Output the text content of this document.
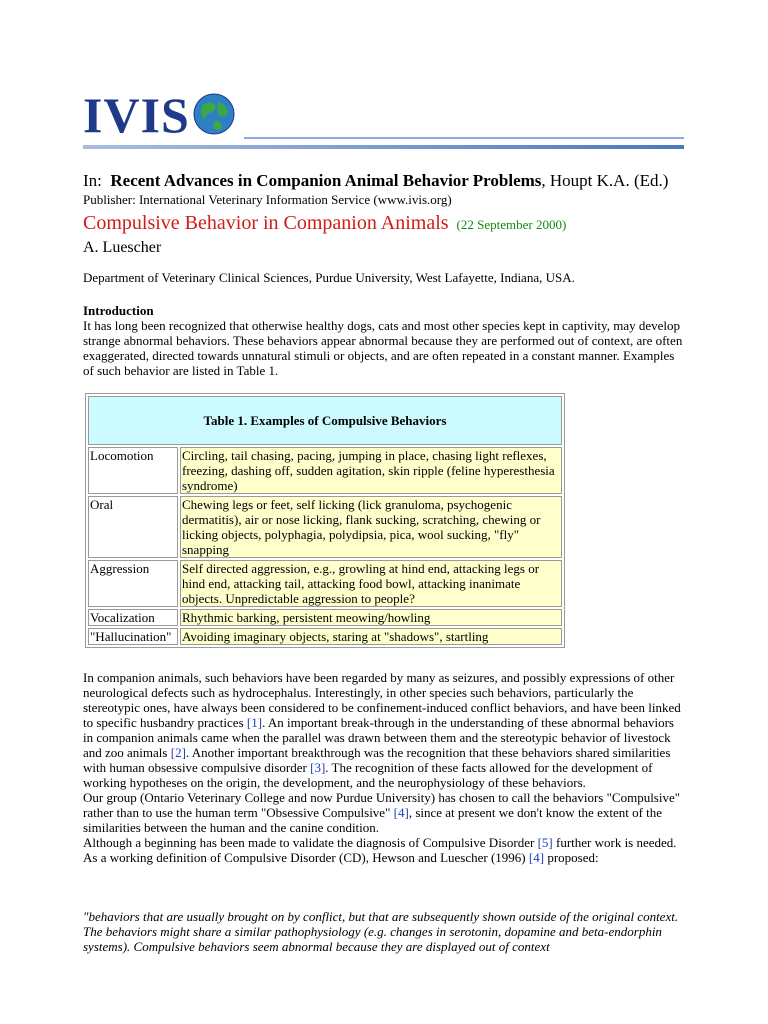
IVIS
In: Recent Advances in Companion Animal Behavior Problems, Houpt K.A. (Ed.)
Publisher: International Veterinary Information Service (www.ivis.org)
Compulsive Behavior in Companion Animals (22 September 2000)
A. Luescher
Department of Veterinary Clinical Sciences, Purdue University, West Lafayette, Indiana, USA.
Introduction
It has long been recognized that otherwise healthy dogs, cats and most other species kept in captivity, may develop strange abnormal behaviors. These behaviors appear abnormal because they are performed out of context, are often exaggerated, directed towards unnatural stimuli or objects, and are often repeated in a constant manner. Examples of such behavior are listed in Table 1.
Table 1. Examples of Compulsive Behaviors	
Locomotion	Circling, tail chasing, pacing, jumping in place, chasing light reflexes, freezing, dashing off, sudden agitation, skin ripple (feline hyperesthesia syndrome)
Oral	Chewing legs or feet, self licking (lick granuloma, psychogenic dermatitis), air or nose licking, flank sucking, scratching, chewing or licking objects, polyphagia, polydipsia, pica, wool sucking, "fly" snapping
Aggression	Self directed aggression, e.g., growling at hind end, attacking legs or hind end, attacking tail, attacking food bowl, attacking inanimate objects. Unpredictable aggression to people?
Vocalization	Rhythmic barking, persistent meowing/howling
"Hallucination"	Avoiding imaginary objects, staring at "shadows", startling
In companion animals, such behaviors have been regarded by many as seizures, and possibly expressions of other neurological defects such as hydrocephalus. Interestingly, in other species such behaviors, particularly the stereotypic ones, have always been considered to be confinement-induced conflict behaviors, and have been linked to specific husbandry practices [1]. An important break-through in the understanding of these abnormal behaviors in companion animals came when the parallel was drawn between them and the stereotypic behavior of livestock and zoo animals [2]. Another important breakthrough was the recognition that these behaviors shared similarities with human obsessive compulsive disorder [3]. The recognition of these facts allowed for the development of working hypotheses on the origin, the development, and the neurophysiology of these behaviors.
Our group (Ontario Veterinary College and now Purdue University) has chosen to call the behaviors "Compulsive" rather than to use the human term "Obsessive Compulsive" [4], since at present we don't know the extent of the similarities between the human and the canine condition.
Although a beginning has been made to validate the diagnosis of Compulsive Disorder [5] further work is needed. As a working definition of Compulsive Disorder (CD), Hewson and Luescher (1996) [4] proposed:
"behaviors that are usually brought on by conflict, but that are subsequently shown outside of the original context. The behaviors might share a similar pathophysiology (e.g. changes in serotonin, dopamine and beta-endorphin systems). Compulsive behaviors seem abnormal because they are displayed out of context
